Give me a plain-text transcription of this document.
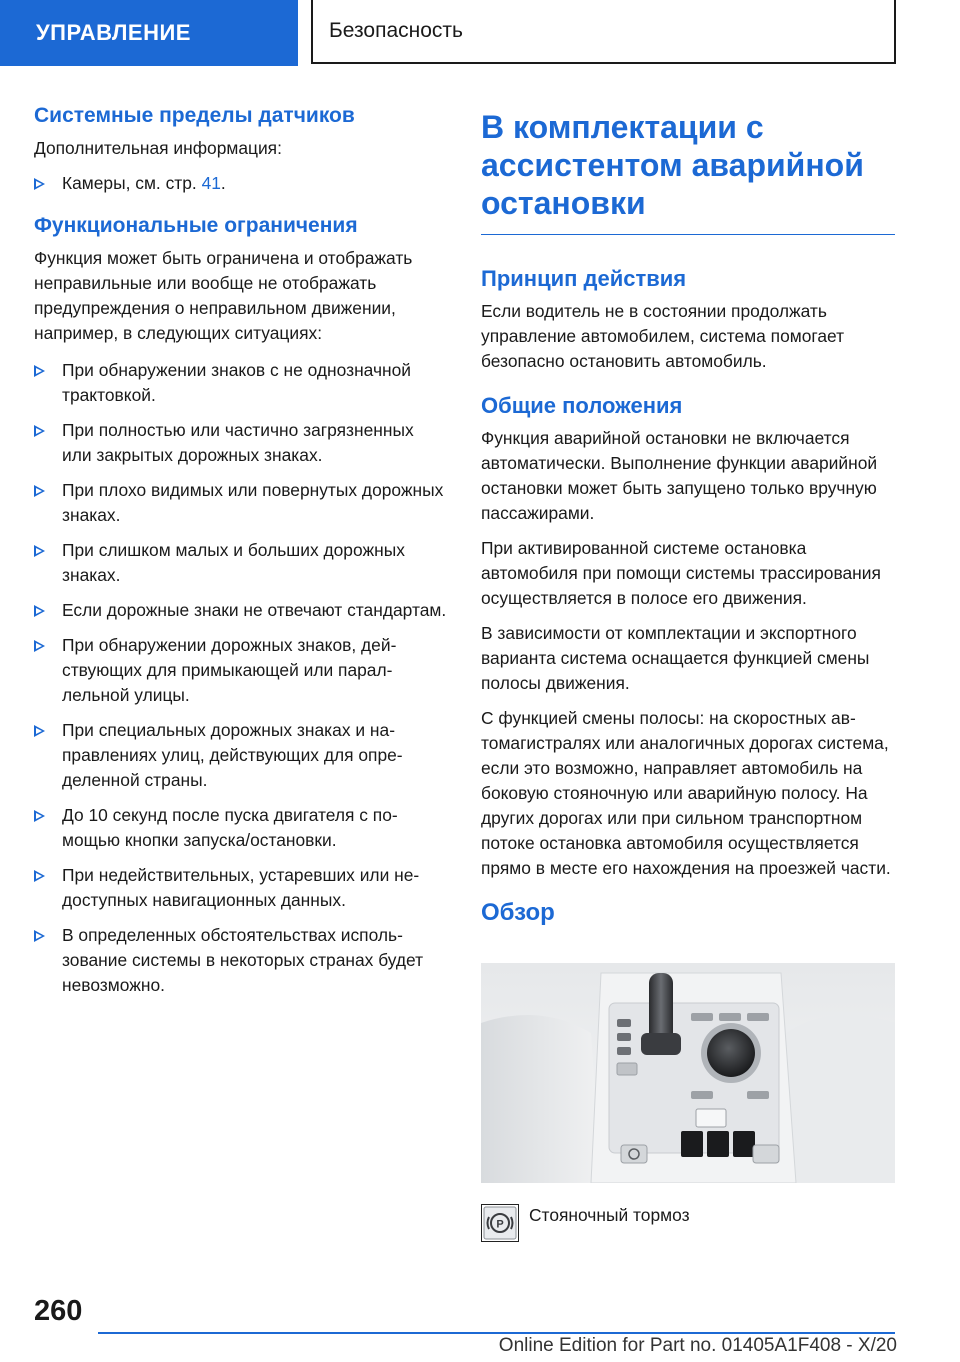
УПРАВЛЕНИЕ	Безопасность
Системные пределы датчиков

Дополнительная информация:

Камеры, см. стр. 41.
Функциональные ограничения

Функция может быть ограничена и отображать неправильные или вообще не отображать предупреждения о неправильном движении, например, в следующих ситуациях:

При обнаружении знаков с не однозначной трактовкой.
При полностью или частично загрязненных или закрытых дорожных знаках.
При плохо видимых или повернутых дорожных знаках.
При слишком малых и больших дорожных знаках.
Если дорожные знаки не отвечают стандартам.
При обнаружении дорожных знаков, действующих для примыкающей или параллельной улицы.
При специальных дорожных знаках и направлениях улиц, действующих для определенной страны.
До 10 секунд после пуска двигателя с помощью кнопки запуска/остановки.
При недействительных, устаревших или недоступных навигационных данных.
В определенных обстоятельствах использование системы в некоторых странах будет невозможно.
В комплектации с ассистентом аварийной остановки
Принцип действия

Если водитель не в состоянии продолжать управление автомобилем, система помогает безопасно остановить автомобиль.

Общие положения

Функция аварийной остановки не включается автоматически. Выполнение функции аварийной остановки может быть запущено только вручную пассажирами.

При активированной системе остановка автомобиля при помощи системы трассирования осуществляется в полосе его движения.

В зависимости от комплектации и экспортного варианта система оснащается функцией смены полосы движения.

С функцией смены полосы: на скоростных автомагистралях или аналогичных дорогах система, если это возможно, направляет автомобиль на боковую стояночную или аварийную полосу. На других дорогах или при сильном транспортном потоке остановка автомобиля осуществляется прямо в месте его нахождения на проезжей части.

Обзор
P Стояночный тормоз
260
Online Edition for Part no. 01405A1F408 - X/20
